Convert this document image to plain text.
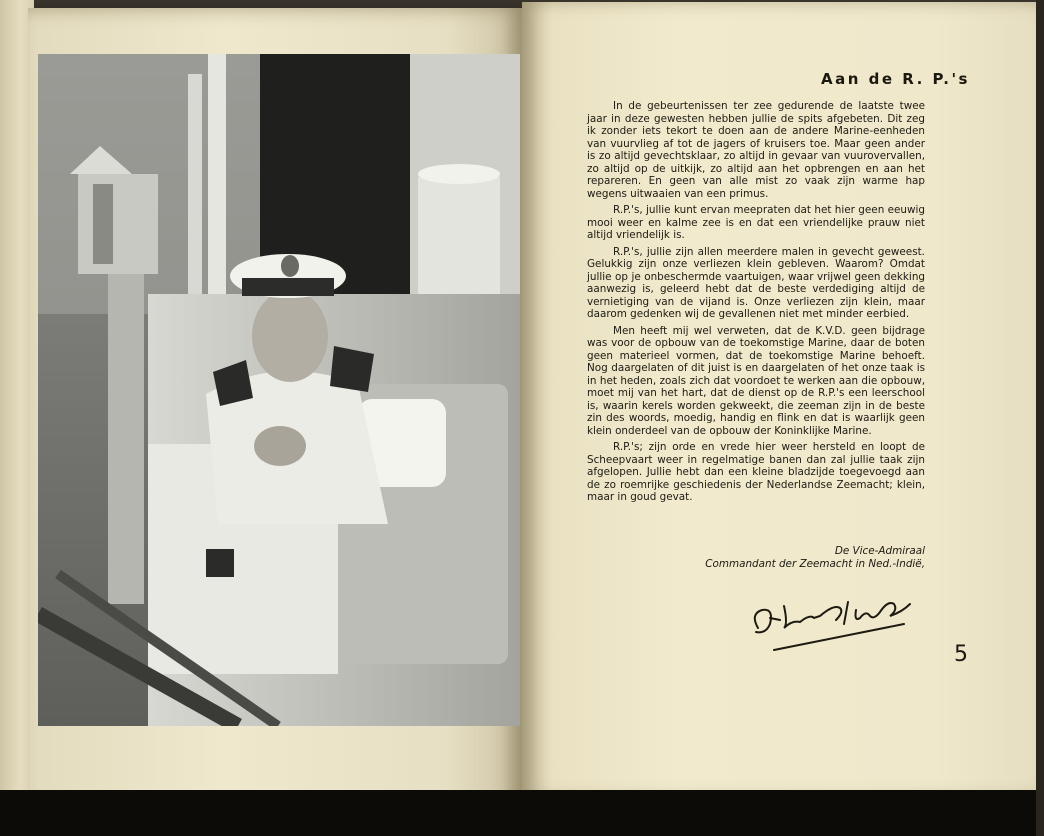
Aan de R. P.'s

In de gebeurtenissen ter zee gedurende de laatste twee jaar in deze gewesten hebben jullie de spits afgebeten. Dit zeg ik zonder iets tekort te doen aan de andere Marine-eenheden van vuurvlieg af tot de jagers of kruisers toe. Maar geen ander is zo altijd gevechtsklaar, zo altijd in gevaar van vuurovervallen, zo altijd op de uitkijk, zo altijd aan het opbrengen en aan het repareren. En geen van alle mist zo vaak zijn warme hap wegens uitwaaien van een primus.

R.P.'s, jullie kunt ervan meepraten dat het hier geen eeuwig mooi weer en kalme zee is en dat een vriendelijke prauw niet altijd vriendelijk is.

R.P.'s, jullie zijn allen meerdere malen in gevecht geweest. Gelukkig zijn onze verliezen klein gebleven. Waarom? Omdat jullie op je onbeschermde vaartuigen, waar vrijwel geen dekking aanwezig is, geleerd hebt dat de beste verdediging altijd de vernietiging van de vijand is. Onze verliezen zijn klein, maar daarom gedenken wij de gevallenen niet met minder eerbied.

Men heeft mij wel verweten, dat de K.V.D. geen bijdrage was voor de opbouw van de toekomstige Marine, daar de boten geen materieel vormen, dat de toekomstige Marine behoeft. Nog daargelaten of dit juist is en daargelaten of het onze taak is in het heden, zoals zich dat voordoet te werken aan die opbouw, moet mij van het hart, dat de dienst op de R.P.'s een leerschool is, waarin kerels worden gekweekt, die zeeman zijn in de beste zin des woords, moedig, handig en flink en dat is waarlijk geen klein onderdeel van de opbouw der Koninklijke Marine.

R.P.'s; zijn orde en vrede hier weer hersteld en loopt de Scheepvaart weer in regelmatige banen dan zal jullie taak zijn afgelopen. Jullie hebt dan een kleine bladzijde toegevoegd aan de zo roemrijke geschiedenis der Nederlandse Zeemacht; klein, maar in goud gevat.

De Vice-Admiraal
Commandant der Zeemacht in Ned.-Indië,
5
